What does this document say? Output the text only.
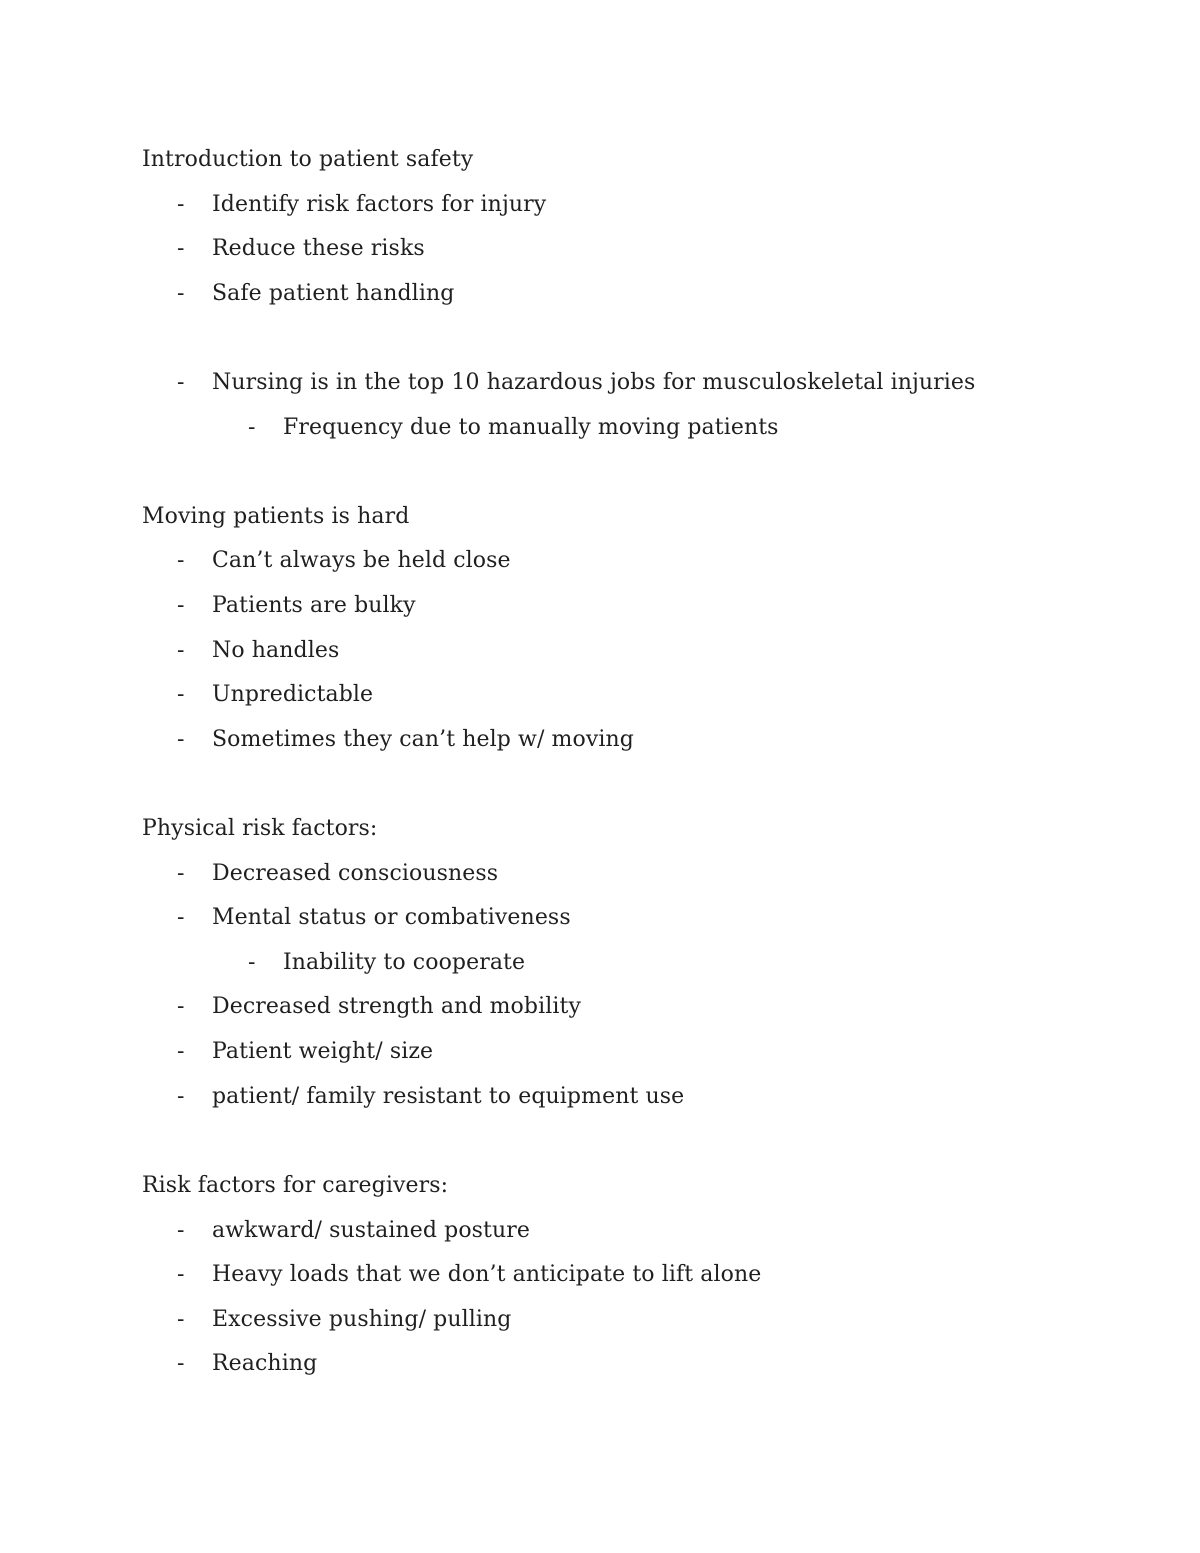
Introduction to patient safety
- Identify risk factors for injury
- Reduce these risks
- Safe patient handling
- Nursing is in the top 10 hazardous jobs for musculoskeletal injuries
- Frequency due to manually moving patients
Moving patients is hard
- Can’t always be held close
- Patients are bulky
- No handles
- Unpredictable
- Sometimes they can’t help w/ moving
Physical risk factors:
- Decreased consciousness
- Mental status or combativeness
- Inability to cooperate
- Decreased strength and mobility
- Patient weight/ size
- patient/ family resistant to equipment use
Risk factors for caregivers:
- awkward/ sustained posture
- Heavy loads that we don’t anticipate to lift alone
- Excessive pushing/ pulling
- Reaching
